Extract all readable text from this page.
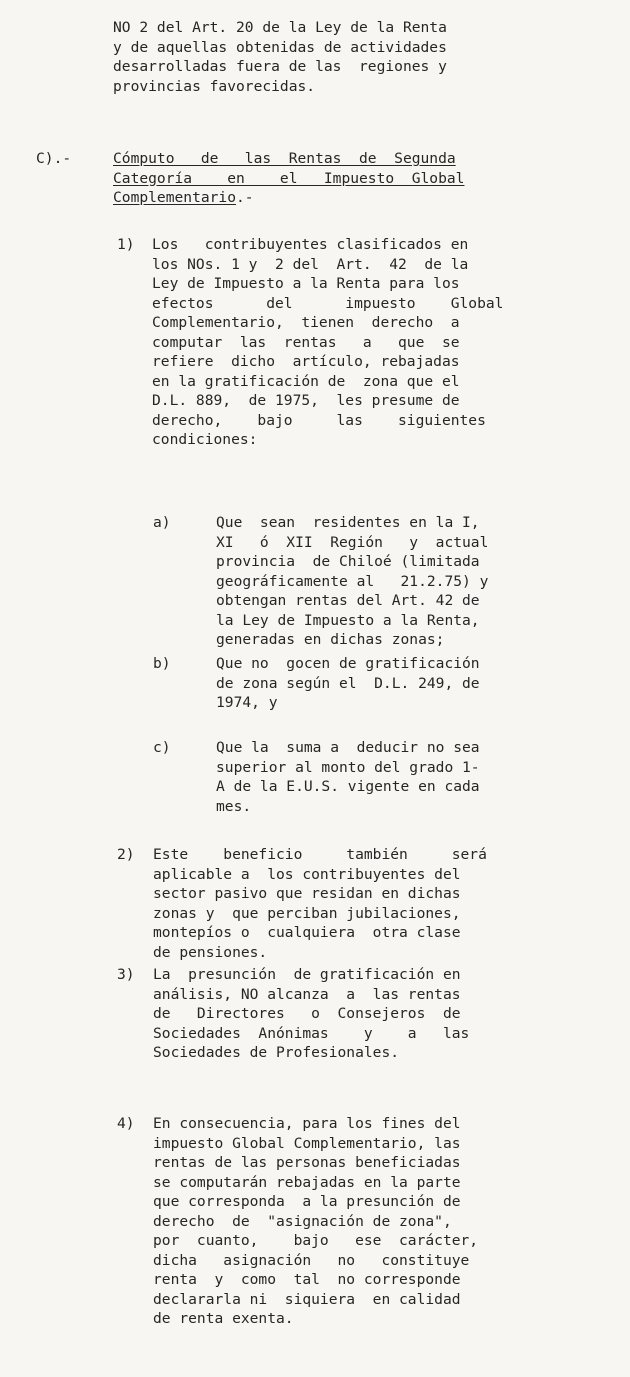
NO 2 del Art. 20 de la Ley de la Renta
y de aquellas obtenidas de actividades
desarrolladas fuera de las  regiones y
provincias favorecidas.
C).-	Cómputo   de   las  Rentas  de  Segunda
Categoría    en    el   Impuesto  Global
Complementario.-
1) Los   contribuyentes clasificados en
los NOs. 1 y  2 del  Art.  42  de la
Ley de Impuesto a la Renta para los
efectos      del      impuesto    Global
Complementario,  tienen  derecho  a
computar  las  rentas   a   que  se
refiere  dicho  artículo, rebajadas
en la gratificación de  zona que el
D.L. 889,  de 1975,  les presume de
derecho,    bajo     las    siguientes
condiciones:
a)	Que  sean  residentes en la I,
XI   ó  XII  Región   y  actual
provincia  de Chiloé (limitada
geográficamente al   21.2.75) y
obtengan rentas del Art. 42 de
la Ley de Impuesto a la Renta,
generadas en dichas zonas;
b)	Que no  gocen de gratificación
de zona según el  D.L. 249, de
1974, y
c)	Que la  suma a  deducir no sea
superior al monto del grado 1-
A de la E.U.S. vigente en cada
mes.
2) Este    beneficio     también     será
aplicable a  los contribuyentes del
sector pasivo que residan en dichas
zonas y  que perciban jubilaciones,
montepíos o  cualquiera  otra clase
de pensiones.
3) La  presunción  de gratificación en
análisis, NO alcanza  a  las rentas
de   Directores   o  Consejeros  de
Sociedades  Anónimas    y    a   las
Sociedades de Profesionales.
4) En consecuencia, para los fines del
impuesto Global Complementario, las
rentas de las personas beneficiadas
se computarán rebajadas en la parte
que corresponda  a la presunción de
derecho  de  "asignación de zona",
por  cuanto,    bajo   ese  carácter,
dicha   asignación   no   constituye
renta  y  como  tal  no corresponde
declararla ni  siquiera  en calidad
de renta exenta.
